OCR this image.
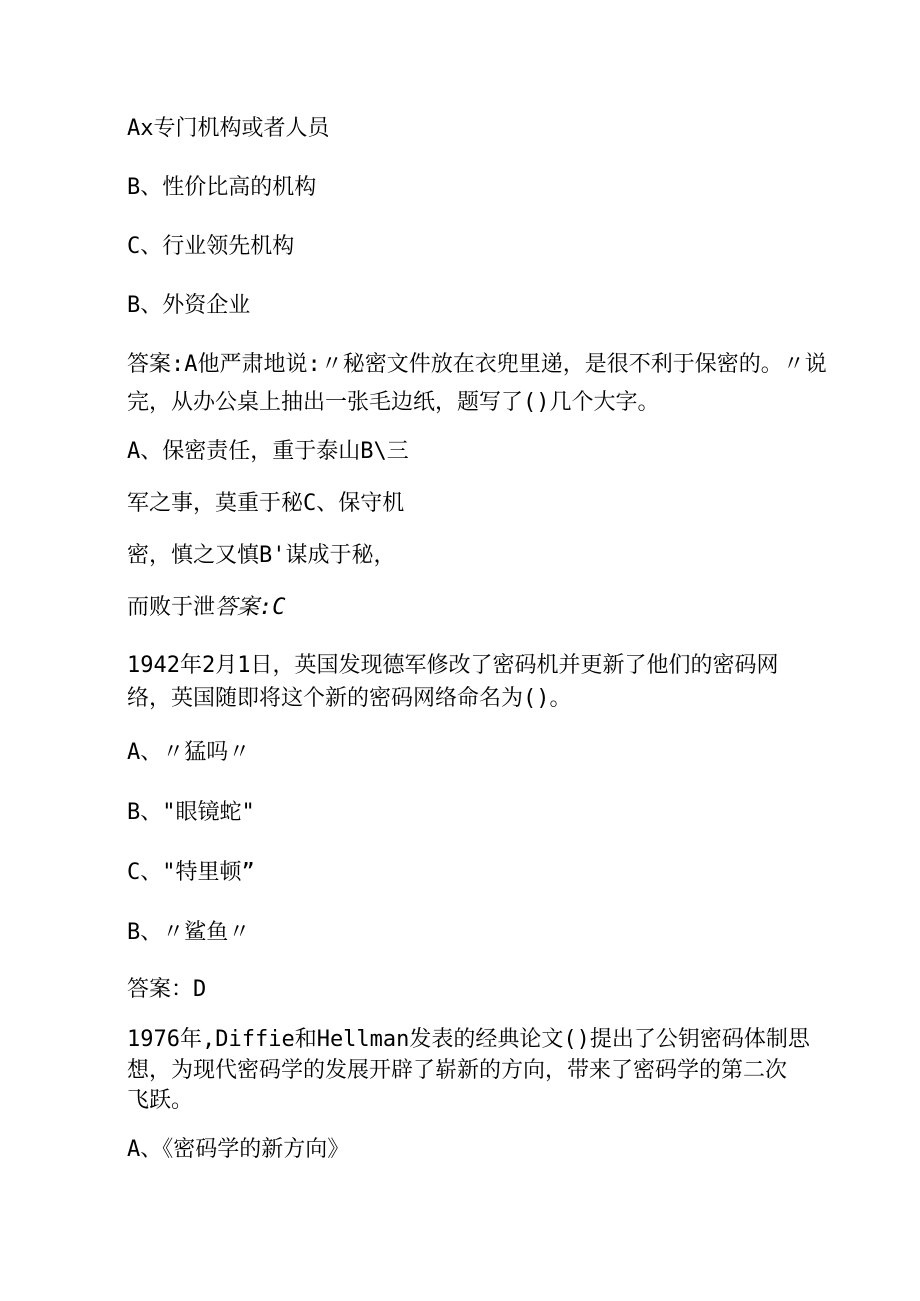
Ax专门机构或者人员

B、性价比高的机构

C、行业领先机构

B、外资企业

答案:A他严肃地说:〃秘密文件放在衣兜里递，是很不利于保密的。〃说

完，从办公桌上抽出一张毛边纸，题写了()几个大字。

A、保密责任，重于泰山B\三

军之事，莫重于秘C、保守机

密，慎之又慎B'谋成于秘，

而败于泄答案:C

1942年2月1日，英国发现德军修改了密码机并更新了他们的密码网

络，英国随即将这个新的密码网络命名为()。

A、〃猛吗〃

B、"眼镜蛇"

C、"特里顿”

B、〃鲨鱼〃

答案：D

1976年,Diffie和Hellman发表的经典论文()提出了公钥密码体制思

想，为现代密码学的发展开辟了崭新的方向，带来了密码学的第二次

飞跃。

A、《密码学的新方向》
